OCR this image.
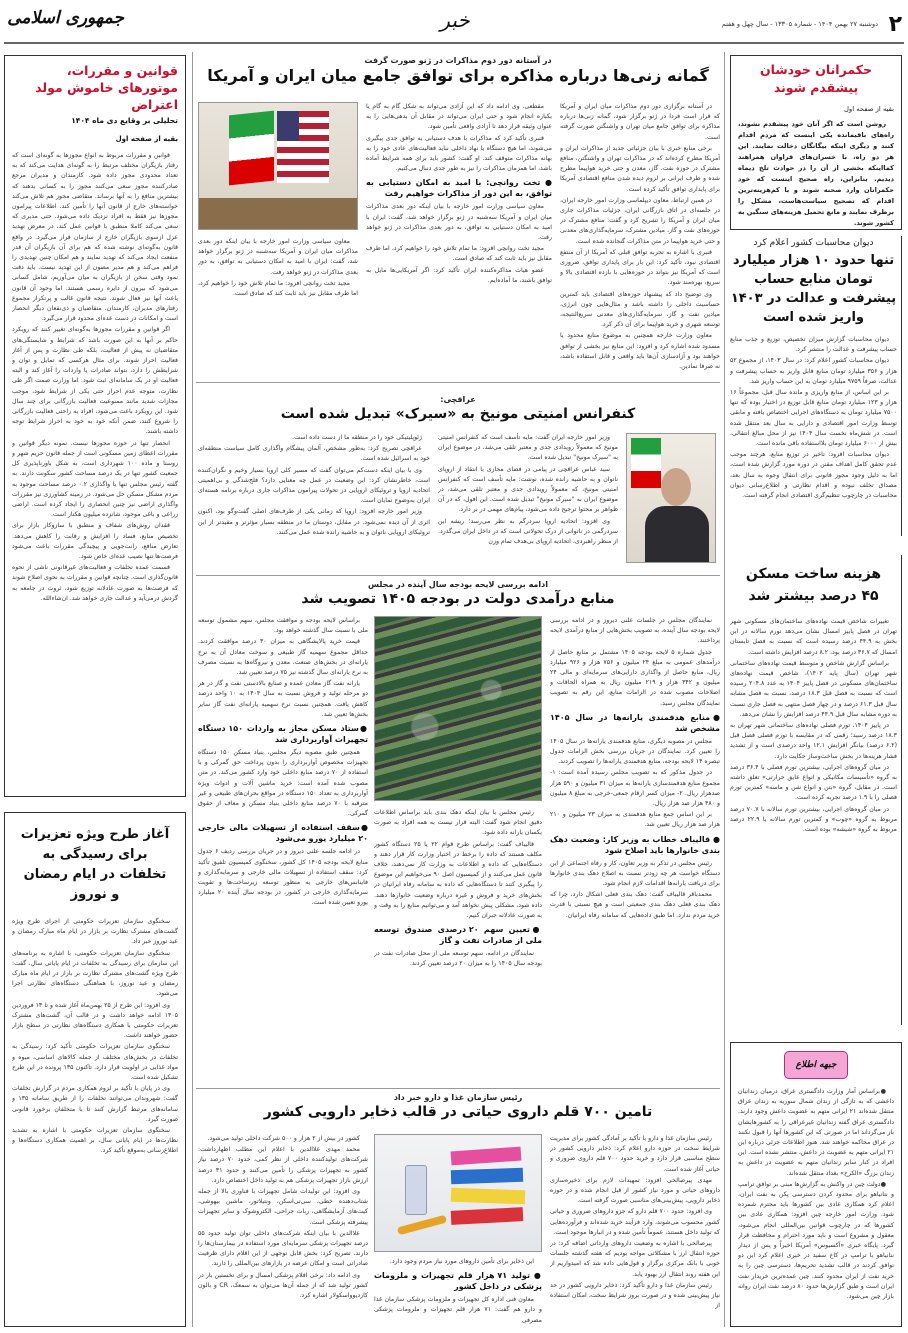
۲
دوشنبه ۲۷ بهمن ۱۴۰۴ - شماره ۱۳۳۰۵ - سال چهل و هفتم
خبر
جمهوری اسلامی
حکمرانان خودشان پیشقدم شوند
بقیه از صفحه اول

روشن است که اگر آنان خود پیشقدم نشوند، راه‌های باقیمانده یکی اینست که مردم اقدام کنند و دیگری اینکه بیگانگان دخالت نمایند. این هر دو راه، با خسران‌های فراوان همراهند کمااینکه بخشی از آن را در حوادث تلخ دیماه دیدیم. بنابراین، راه صحیح اینست که خود حکمرانان وارد صحنه شوند و با کم‌هزینه‌ترین اقدام که تصحیح سیاست‌هاست، مشکل را برطرف نمایند و مانع تحمیل هزینه‌های سنگین به کشور شوند.

دیوان محاسبات کشور اعلام کرد
تنها حدود ۱۰ هزار میلیارد تومان منابع حساب پیشرفت و عدالت در ۱۴۰۳ واریز شده است

دیوان محاسبات گزارش میزان تخصیص، توزیع و جذب منابع حساب پیشرفت و عدالت را منتشر کرد.

دیوان محاسبات کشور اعلام کرد: در سال ۱۴۰۳، از مجموع ۵۲ هزار و ۳۵۶ میلیارد تومان منابع قابل واریز به حساب پیشرفت و عدالت، صرفاً ۹۷۵۹ میلیارد تومان به این حساب واریز شد.

بر این اساس، از منابع واریزی و مانده سال قبل، مجموعاً ۱۶ هزار و ۱۲۳ میلیارد تومان منابع قابل توزیع در اختیار بوده که تنها ۷۵۰۰ میلیارد تومان به دستگاه‌های اجرایی اختصاص یافته و مابقی توسط وزارت امور اقتصادی و دارایی به سال بعد منتقل شده است. در شش‌ماه نخست سال ۱۴۰۴ نیز از محل مبالغ انتقالی، بیش از ۶۰۰۰ میلیارد تومان بلااستفاده باقی مانده است.

دیوان محاسبات افزود: تاخیر در توزیع منابع، هرچند موجب عدم تحقق کامل اهداف مقنن در دوره مورد گزارش شده است، اما به دلیل وجود مجوز قانونی برای انتقال وجوه به سال بعد، مصداق تخلف نبوده و اقدام نظارتی و اطلاع‌رسانی دیوان محاسبات در چارچوب تنظیم‌گری اقتصادی انجام گرفته است.

هزینه ساخت مسکن ۴۵ درصد بیشتر شد

تغییرات شاخص قیمت نهاده‌های ساختمان‌های مسکونی شهر تهران در فصل پاییز امسال نشان می‌دهد تورم سالانه در این بخش به ۴۴.۹ درصد رسیده است که نسبت به فصل تابستان امسال که ۳۶.۷ درصد بود، ۸.۲ درصد افزایش داشته است.

براساس گزارش شاخص و متوسط قیمت نهاده‌های ساختمانی شهر تهران (سال پایه ۱۴۰۲)، شاخص قیمت نهاده‌های ساختمان‌های مسکونی در فصل پاییز ۱۴۰۴ به عدد ۲۰۴.۸ رسیده است که نسبت به فصل قبل ۱۸.۳ درصد، نسبت به فصل مشابه سال قبل ۶۱.۳ درصد و در چهار فصل منتهی به فصل جاری نسبت به دوره مشابه سال قبل ۴۴.۹ درصد افزایش را نشان می‌دهد.

در پاییز ۱۴۰۴، تورم فصلی نهاده‌های ساختمانی شهر تهران به ۱۸.۳ درصد رسید؛ رقمی که در مقایسه با تورم فصلی فصل قبل (۶.۲ درصد) بیانگر افزایش ۱۲.۱ واحد درصدی است و از تشدید فشار هزینه‌ها در بخش ساخت‌وساز حکایت دارد.

در میان گروه‌های اجرایی، بیشترین تورم فصلی با ۳۶.۴ درصد به گروه «تأسیسات مکانیکی و انواع عایق حرارتی» تعلق داشته است. در مقابل، گروه «بتن و انواع شن و ماسه» کمترین تورم فصلی را با ۱.۹ درصد تجربه کرده است.

در میان گروه‌های اجرایی، بیشترین تورم سالانه با ۷۰.۷ درصد مربوط به گروه «چوب» و کمترین تورم سالانه با ۲۲.۹ درصد مربوط به گروه «شیشه» بوده است.

جبهه اطلاع

●براساس آمار وزارت دادگستری عراق، درمیان زندانیان داعشی که به تازگی از زندان شمال سوریه به زندان عراق منتقل شده‌اند ۲۱ ایرانی متهم به عضویت داعش وجود دارند. دادگستری عراق گفته زندانیان غیرعراقی را به کشورهایشان باز می‌گرداند اما در صورتی که این کشورها آنها را قبول نکنند در عراق محاکمه خواهند شد. هنوز اطلاعات جزئی درباره این ۲۱ ایرانی متهم به عضویت در داعش، منتشر نشده است. این افراد در کنار سایر زندانیان متهم به عضویت در داعش به زندان بزرگ «الکرخ» بغداد منتقل شده‌اند.

●دولت چین در واکنش به گزارش‌ها مبنی بر توافق ترامپ و نتانیاهو برای محدود کردن دسترسی پکن به نفت ایران، اعلام کرد همکاری عادی بین کشورها باید محترم شمرده شود. وزارت امور خارجه چین افزود: همکاری عادی بین کشورها که در چارچوب قوانین بین‌المللی انجام می‌شود، معقول و مشروع است و باید مورد احترام و محافظت قرار گیرد. پایگاه خبری «آکسیوس» آمریکا اخیراً و پس از دیدار نتانیاهو با ترامپ در کاخ سفید در خبری اعلام کرد این دو توافق کردند در قالب تشدید تحریم‌ها، دسترسی چین را به خرید نفت از ایران محدود کنند. چین عمده‌ترین خریدار نفت ایران است و طبق گزارش‌ها حدود ۸۰ درصد نفت ایران روانه بازار چین می‌شود.

در آستانه دور دوم مذاکرات در ژنو صورت گرفت
گمانه زنی‌ها درباره مذاکره برای توافق جامع میان ایران و آمریکا

در آستانه برگزاری دور دوم مذاکرات میان ایران و آمریکا که قرار است فردا در ژنو برگزار شود، گمانه زنی‌ها درباره مذاکره برای توافق جامع میان تهران و واشنگتن صورت گرفته است.

برخی منابع خبری با بیان جزئیاتی جدید از مذاکرات ایران و آمریکا مطرح کرده‌اند که در مذاکرات تهران و واشنگتن، منافع مشترک در حوزه نفت، گاز، معدن و حتی خرید هواپیما مطرح شده و طرف ایرانی بر لزوم دیده شدن منافع اقتصادی آمریکا برای پایداری توافق تأکید کرده است.

در همین ارتباط، معاون دیپلماسی وزارت امور خارجه ایران، در جلسه‌ای در اتاق بازرگانی ایران، جزئیات مذاکرات جاری میان ایران و آمریکا را تشریح کرد و گفت: منافع مشترک در حوزه‌های نفت و گاز، میادین مشترک، سرمایه‌گذاری‌های معدنی و حتی خرید هواپیما در متن مذاکرات گنجانده شده است.

قنبری با اشاره به تجربه توافق قبلی که آمریکا از آن منتفع اقتصادی نبود، تأکید کرد: این بار برای پایداری توافق، ضروری است که آمریکا نیز بتواند در حوزه‌هایی با بازده اقتصادی بالا و سریع، بهره‌مند شود.

وی توضیح داد که پیشنهاد حوزه‌های اقتصادی باید کمترین حساسیت داخلی را داشته باشد و مثال‌هایی چون انرژی، میادین نفت و گاز، سرمایه‌گذاری‌های معدنی سریع‌النتیجه، توسعه شهری و خرید هواپیما برای آن ذکر کرد.

معاون وزارت خارجه همچنین به موضوع منابع محدود یا مسدود شده اشاره کرد و افزود: این منابع نیز بخشی از توافق خواهند بود و آزادسازی آن‌ها باید واقعی و قابل استفاده باشد، نه صرفا نمادین.

مقطعی. وی ادامه داد که این آزادی می‌تواند به شکل گام به گام یا یکباره انجام شود و حتی ایران می‌تواند در مقابل آن بدهی‌هایی را به عنوان وثیقه قرار دهد تا آزادی واقعی تأمین شود.

قنبری تأکید کرد که مذاکرات با هدف دستیابی به توافق جدی پیگیری می‌شوند، اما هیچ دستگاه یا نهاد داخلی نباید فعالیت‌های عادی خود را به بهانه مذاکرات متوقف کند. او گفت: کشور باید برای همه شرایط آماده باشد، اما همزمان مذاکرات را نیز به طور جدی دنبال می‌کنیم.

● تخت روانچی: با امید به امکان دستیابی به توافق، به این دور از مذاکرات خواهیم رفت

معاون سیاسی وزارت امور خارجه با بیان اینکه دور بعدی مذاکرات میان ایران و آمریکا سه‌شنبه در ژنو برگزار خواهد شد، گفت: ایران با امید به امکان دستیابی به توافق، به دور بعدی مذاکرات در ژنو خواهد رفت.

مجید تخت روانچی افزود: ما تمام تلاش خود را خواهیم کرد، اما طرف مقابل نیز باید ثابت کند که صادق است.

عضو هیات مذاکره‌کننده ایران تأکید کرد: اگر آمریکایی‌ها مایل به توافق باشند، ما آماده‌ایم.

معاون سیاسی وزارت امور خارجه با بیان اینکه دور بعدی مذاکرات میان ایران و آمریکا سه‌شنبه در ژنو برگزار خواهد شد، گفت: ایران با امید به امکان دستیابی به توافق، به دور بعدی مذاکرات در ژنو خواهد رفت.

مجید تخت روانچی افزود: ما تمام تلاش خود را خواهیم کرد، اما طرف مقابل نیز باید ثابت کند که صادق است.

عراقچی:
کنفرانس امنیتی مونیخ به «سیرک» تبدیل شده است

وزیر امور خارجه ایران گفت: مایه تأسف است که کنفرانس امنیتی مونیخ که معمولاً رویدادی جدی و معتبر تلقی می‌شد، در موضوع ایران به "سیرک مونیخ" تبدیل شده است.

سید عباس عراقچی در پیامی در فضای مجازی با انتقاد از اروپای ناتوان و به حاشیه رانده شده، نوشت: مایه تأسف است که کنفرانس امنیتی مونیخ، که معمولاً رویدادی جدی و معتبر تلقی می‌شد، در موضوع ایران به "سیرک مونیخ" تبدیل شده است. این افول، که در آن ظواهر بر محتوا ترجیح داده می‌شود، پیام‌های مهمی در بر دارد.

وی افزود: اتحادیه اروپا سردرگم به نظر می‌رسد؛ ریشه این سردرگمی در ناتوانی از درک تحولاتی است که در داخل ایران می‌گذرد. از منظر راهبردی، اتحادیه اروپای بی‌هدف تمام وزن

ژئوپلیتیکی خود را در منطقه ما از دست داده است.

عراقچی تصریح کرد: به‌طور مشخص، آلمان پیشگام واگذاری کامل سیاست منطقه‌ای خود به اسرائیل شده است.

وی با بیان اینکه دست‌کم می‌توان گفت که مسیر کلی اروپا بسیار وخیم و نگران‌کننده است، خاطرنشان کرد: این وضعیت در عمل چه معنایی دارد؟ فلج‌شدگی و بی‌اهمیتی اتحادیه اروپا و تروئیکای اروپایی در تحولات پیرامون مذاکرات جاری درباره برنامه هسته‌ای ایران به‌وضوح نمایان است.

وزیر امور خارجه افزود: اروپا که زمانی یکی از طرف‌های اصلی گفت‌وگو بود، اکنون اثری از آن دیده نمی‌شود. در مقابل، دوستان ما در منطقه بسیار مؤثرتر و مفیدتر از این تروئیکای اروپایی ناتوان و به حاشیه رانده شده عمل می‌کنند.

ادامه بررسی لایحه بودجه سال آینده در مجلس
منابع درآمدی دولت در بودجه ۱۴۰۵ تصویب شد

نمایندگان مجلس در جلسات علنی دیروز و در ادامه بررسی لایحه بودجه سال آینده، به تصویب بخش‌هایی از منابع درآمدی لایحه پرداختند.

جدول شماره ۵ لایحه بودجه ۱۴۰۵ مشتمل بر منابع حاصل از درآمدهای عمومی به مبلغ ۲۴ میلیون و ۷۵۶ هزار و ۹۲۶ میلیارد ریال، منابع حاصل از واگذاری دارایی‌های سرمایه‌ای و مالی ۲۴ میلیون و ۳۴۲ هزار و ۲۱۹ میلیون ریال به همراه الحاقات و اصلاحات مصوب شده در الزامات منابع، این رقم به تصویب نمایندگان مجلس رسید.

●منابع هدفمندی یارانه‌ها در سال ۱۴۰۵ مشخص شد

مجلس در مصوبه دیگری، منابع هدفمندی یارانه‌ها در سال ۱۴۰۵ را تعیین کرد. نمایندگان در جریان بررسی بخش الزامات جدول تبصره ۱۴ لایحه بودجه، منابع هدفمندی یارانه‌ها را تصویب کردند.

در جدول مذکور که به تصویب مجلس رسیده آمده است: ۱- مجموع منابع هدفمندسازی یارانه‌ها به میزان ۳۱ میلیون و ۵۹۰ هزار صدهزار ریال. ۲- میزان کسر ارقام جمعی-خرجی به مبلغ ۸ میلیون و ۴۸۰ هزار صد هزار ریال.

بر این اساس جمع منابع هدفمندی به میزان ۲۳ میلیون و ۲۱۰ هزار صد هزار ریال تعیین شد.

● قالیباف خطاب به وزیر کار: وضعیت دهک بندی خانوارها باید اصلاح شود

رئیس مجلس در تذکر به وزیر تعاون، کار و رفاه اجتماعی از این دستگاه خواست هر چه زودتر نسبت به اصلاح دهک بندی خانوارها برای دریافت یارانه‌ها اقدامات لازم انجام شود.

محمدباقر قالیباف گفت: دهک بندی فعلی اشکال دارد، چرا که دهک بندی فعلی دهک بندی جمعیتی است و هیچ نسبتی با قدرت خرید مردم ندارد. اما طبق داده‌هایی که سامانه رفاه ایرانیان.

رئیس مجلس با بیان اینکه دهک بندی باید براساس اطلاعات دقیق انجام شود گفت: البته قرار نیست به همه افراد به صورت یکسان یارانه داده شود.

قالیباف گفت: براساس طرح قوام ۲۲ یا ۲۵ دستگاه کشور مکلف هستند که داده را برخط در اختیار وزارت کار قرار دهند و دستگاه‌هایی که داده و اطلاعات به وزارت کار نمی‌دهند، خلاف قانون عمل می‌کنند و از کمیسیون اصل ۹۰ می‌خواهیم این موضوع را پیگیری کنند تا دستگاه‌هایی که داده به سامانه رفاه ایرانیان در بخش‌های خرید و فروش و غیره درباره وضعیت خانوارها دهند. داده شود، مشکلی پیش نخواهد آمد و می‌توانیم منابع را به وقت و به صورت عادلانه جبران کنیم.

●تعیین سهم ۲۰ درصدی صندوق توسعه ملی از صادرات نفت و گاز

نمایندگان در ادامه، سهم توسعه ملی از محل صادرات نفت در بودجه سال ۱۴۰۵ را به میزان ۲۰ درصد تعیین کردند.

براساس لایحه بودجه و موافقت مجلس، سهم مشمول توسعه ملی با نسبت سال گذشته خواهد بود.

قیمت خرید پالایشگاهی به میزان ۳۰ درصد موافقت کردند. حداقل مجموع سهمیه گاز طبیعی و سوخت معادل آن به نرخ یارانه‌ای در بخش‌های صنعت، معدن و نیروگاه‌ها به نسبت مصرف به نرخ یارانه‌ای سال گذشته نیز ۷۵ درصد تعیین شد.

یارانه نفت گاز معادن عمده و صنایع بالادستی نفت و گاز در هر دو مرحله تولید و فروش نسبت به سال ۱۴۰۴ به ۱۰ واحد درصد کاهش یافت. همچنین نسبت نرخ سهمیه یارانه‌ای نفت گاز سایر بخش‌ها تعیین شد.

●ستاد مسکن مجاز به واردات ۱۵۰ دستگاه تجهیزات آواربرداری شد

همچنین طبق مصوبه دیگر مجلس، بنیاد مسکن ۱۵۰ دستگاه تجهیزات مخصوص آواربرداری را بدون پرداخت حق گمرکی و با استفاده از ۷۰ درصد منابع داخلی خود وارد کشور می‌کند. در متن مصوب شده آمده است: خرید ماشین آلات و ادوات ویژه آواربرداری به تعداد ۱۵۰ دستگاه در مواقع بحران‌های طبیعی و غیر مترقبه با ۷۰ درصد منابع داخلی بنیاد مسکن و معاف از حقوق گمرکی.

●سقف استفاده از تسهیلات مالی خارجی ۲۰ میلیارد یورو می‌شود

در ادامه جلسه علنی دیروز و در جریان بررسی ردیف ۶ جدول منابع لایحه بودجه ۱۴۰۵ کل کشور، سخنگوی کمیسیون تلفیق تأکید کرد: سقف استفاده از تسهیلات مالی خارجی و سرمایه‌گذاری و فاینانس‌های خارجی به منظور توسعه زیرساخت‌ها و تقویت سرمایه‌گذاری خارجی در کشور، در بودجه سال آینده ۲۰ میلیارد یورو تعیین شده است.

رئیس سازمان غذا و دارو خبر داد
تامین ۷۰۰ قلم داروی حیاتی در قالب ذخایر دارویی کشور

رئیس سازمان غذا و دارو با تأکید بر آمادگی کشور برای مدیریت شرایط سخت در حوزه دارو اعلام کرد: ذخایر دارویی کشور در سطح مناسبی قرار دارد و خرید حدود ۷۰۰ قلم داروی ضروری و حیاتی آغاز شده است.

مهدی پیرصالحی افزود: تمهیدات لازم برای ذخیره‌سازی داروهای حیاتی و مورد نیاز کشور از قبل انجام شده و در حوزه ذخایر دارویی، پیش‌بینی‌های مناسبی صورت گرفته است.

وی افزود: حدود ۷۰۰ قلم دارو که جزو داروهای ضروری و حیاتی کشور محسوب می‌شوند، وارد فرآیند خرید شده‌اند و فرآورده‌هایی که تولید داخل هستند، عموماً تأمین شده و در انبارها موجود است.

پیرصالحی با اشاره به وضعیت داروهای وارداتی اضافه کرد: در حوزه انتقال ارز با مشکلاتی مواجه بودیم که هفته گذشته جلسات خوبی با بانک مرکزی برگزار و قول‌هایی داده شد که امیدواریم از این هفته روند انتقال ارز بهبود یابد.

رئیس سازمان غذا و دارو تأکید کرد: ذخایر دارویی کشور در حد نیاز پیش‌بینی شده و در صورت بروز شرایط سخت، امکان استفاده از

این ذخایر برای تأمین داروهای مورد نیاز مردم وجود دارد.

● تولید ۷۱ هزار قلم تجهیزات و ملزومات پزشکی در داخل کشور

معاون فنی اداره کل تجهیزات و ملزومات پزشکی سازمان غذا و دارو هم گفت: ۷۱ هزار قلم تجهیزات و ملزومات پزشکی مصرفی

کشور در بیش از ۲ هزار و ۵۰۰ شرکت داخلی تولید می‌شود.

محمد مهدی علاالدین با اعلام این مطلب اظهارداشت: شرکت‌های تولیدکننده داخلی از نظر کمی، حدود ۷۰ درصد نیاز کشور به تجهیزات پزشکی را تأمین می‌کنند و حدود ۳۱ درصد ارزش بازار تجهیزات پزشکی هم به تولید داخل اختصاص دارد.

وی افزود: این تولیدات شامل تجهیزات با فناوری بالا از جمله شتاب‌دهنده خطی، سی‌تی‌اسکن، ونتیلاتور، ماشین بیهوشی، کیت‌های آزمایشگاهی، ربات جراحی، الکتروشوک و سایر تجهیزات پیشرفته پزشکی است.

علاالدین با بیان اینکه شرکت‌های داخلی توان تولید حدود ۵۵ درصد تجهیزات پزشکی سرمایه‌ای مورد استفاده در بیمارستان‌ها را دارند، تصریح کرد: بخش قابل توجهی از این اقلام دارای ظرفیت صادراتی است و امکان عرضه در بازارهای بین‌المللی را دارند.

وی ادامه داد: برخی اقلام پزشکی امسال و برای نخستین بار در کشور تولید شد که از جمله آن‌ها می‌توان به سمعک، CR و بالون کاردیوواسکولار اشاره کرد.

قوانین و مقررات، موتورهای خاموش مولد اعتراض
تحلیلی بر وقایع دی ماه ۱۴۰۴
بقیه از صفحه اول

قوانین و مقررات مربوط به انواع مجوزها به گونه‌ای است که رفتار بازیگران مختلف مرتبط را به گونه‌ای هدایت می‌کند که به تعداد محدودی مجوز داده شود. کارمندان و مدیران مرجع صادرکننده مجوز سعی می‌کنند مجوز را به کسانی بدهند که بیشترین منافع را به آنها برساند. متقاضی مجوز هم تلاش می‌کند خواسته‌های خارج از قانون آنها را تأمین کند. اطلاعات پیرامون مجوزها نیز فقط به افراد نزدیک داده می‌شود. حتی مدیری که سعی می‌کند کاملا منطبق با قوانین عمل کند، در معرض تهدید عزل ازسوی بازیگران خارج از سازمان قرار می‌گیرد. در واقع قانون به‌گونه‌ای نوشته شده که هم برای آن بازیگران آن قدر منفعت ایجاد می‌کند که تهدید نمایند و هم امکان چنین تهدیدی را فراهم می‌کند و هم مدیر مصون از این تهدید نیست. باید دقت نمود وقتی سخن از بازیگران به میان می‌آوریم، شامل کسانی می‌شود که بیرون از دایره رسمی هستند. اما وجود آن قانون باعث آنها نیز فعال شوند. نتیجه قانون غالب و پرتکرار مجموع رفتارهای مدیران، کارمندان، متقاضیان و ذی‌نفعان دیگر انحصار است و امکانات در دست عده‌ای محدود قرار می‌گیرد.

اگر قوانین و مقررات مجوزها به‌گونه‌ای تغییر کنند که رویکرد حاکم بر آنها به این صورت باشد که شرایط و شایستگی‌های متقاضیان نه پیش از فعالیت، بلکه طی نظارت و پس از آغاز فعالیت احراز شوند. برای مثال هرکسی که تمایل و توان و شرایطش را دارد، بتواند صادرات یا واردات را آغاز کند و البته فعالیت او در یک سامانه‌ای ثبت شود. اما وزارت صمت اگر طی نظارت، متوجه عدم احراز حتی یکی از شرایط شود، موجب مجازات شدید مانند ممنوعیت فعالیت بازرگانی برای چند سال شود. این رویکرد باعث می‌شود، افراد به راحتی فعالیت بازرگانی را شروع کنند، ضمن آنکه خود به خود به احراز شرایط توجه داشته باشند.

انحصار تنها در حوزه مجوزها نیست. نمونه دیگر قوانین و مقررات اعطای زمین مسکونی است از جمله قانون حریم شهر و روستا و ماده ۱۰۰ شهرداری است، به شکل باورناپذیری کل جمعیت کشور تنها در یک درصد مساحت کشور سکونت دارند. به گفته رئیس مجلس تنها با واگذاری ۰.۲ درصد مساحت موجود به مردم مشکل مسکن حل می‌شود. در زمینه کشاورزی نیز مقررات واگذاری اراضی نیز چنین انحصاری را ایجاد کرده است. اراضی زراعی و باغی موجود، شانزده میلیون هکتار است.

فقدان روش‌های شفاف و منطبق با سازوکار بازار برای تخصیص منابع، فساد را افزایش و رقابت را کاهش می‌دهد. تعارض منافع، رانت‌جویی و پیچیدگی مقررات باعث می‌شود فرصت‌ها تنها نصیب عده‌ای خاص شود.

قسمت عمده تخلفات و فعالیت‌های غیرقانونی ناشی از نحوه قانون‌گذاری است. چنانچه قوانین و مقررات به نحوی اصلاح شوند که فرصت‌ها به صورت عادلانه توزیع شود، ثروت در جامعه به گردش درمی‌آید و عدالت جاری خواهد شد. ان‌شاءالله.

آغاز طرح ویژه تعزیرات برای رسیدگی به تخلفات در ایام رمضان و نوروز

سخنگوی سازمان تعزیرات حکومتی از اجرای طرح ویژه گشت‌های مشترک نظارت بر بازار در ایام ماه مبارک رمضان و عید نوروز خبر داد.

سخنگوی سازمان تعزیرات حکومتی، با اشاره به برنامه‌های این سازمان برای رسیدگی به تخلفات در ایام پایانی سال، گفت: طرح ویژه گشت‌های مشترک نظارت بر بازار در ایام ماه مبارک رمضان و عید نوروز، با هماهنگی دستگاه‌های نظارتی اجرا می‌شود.

وی افزود: این طرح از ۲۵ بهمن‌ماه آغاز شده و تا ۱۳ فروردین ۱۴۰۵ ادامه خواهد داشت و در قالب آن، گشت‌های مشترک تعزیرات حکومتی با همکاری دستگاه‌های نظارتی در سطح بازار حضور خواهند داشت.

سخنگوی سازمان تعزیرات حکومتی تأکید کرد: رسیدگی به تخلفات در بخش‌های مختلف از جمله کالاهای اساسی، میوه و مواد غذایی در اولویت قرار دارد. تاکنون ۱۳۵ پرونده در این طرح تشکیل شده است.

وی در پایان با تأکید بر لزوم همکاری مردم در گزارش تخلفات گفت: شهروندان می‌توانند تخلفات را از طریق سامانه ۱۳۵ و سامانه‌های مرتبط گزارش کنند تا با متخلفان برخورد قانونی صورت گیرد.

سخنگوی سازمان تعزیرات حکومتی با اشاره به تشدید نظارت‌ها در ایام پایانی سال، بر اهمیت همکاری دستگاه‌ها و اطلاع‌رسانی به‌موقع تأکید کرد.
